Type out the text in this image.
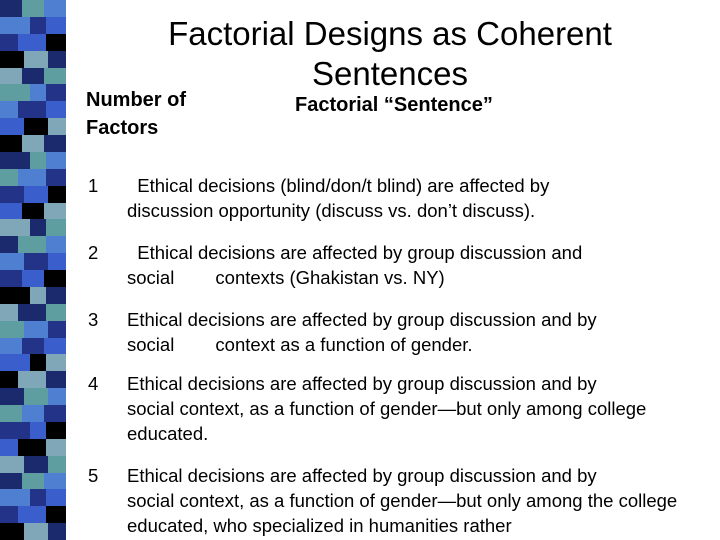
Factorial Designs as Coherent Sentences
Number of Factors
Factorial “Sentence”
1	Ethical decisions (blind/don/t blind) are affected by
discussion opportunity (discuss vs. don’t discuss).
2	Ethical decisions are affected by group discussion and
social        contexts (Ghakistan vs. NY)
3	Ethical decisions are affected by group discussion and by
social        context as a function of gender.
4	Ethical decisions are affected by group discussion and by
social context, as a function of gender—but only among college educated.
5	Ethical decisions are affected by group discussion and by
social context, as a function of gender—but only among the college educated, who specialized in humanities rather
